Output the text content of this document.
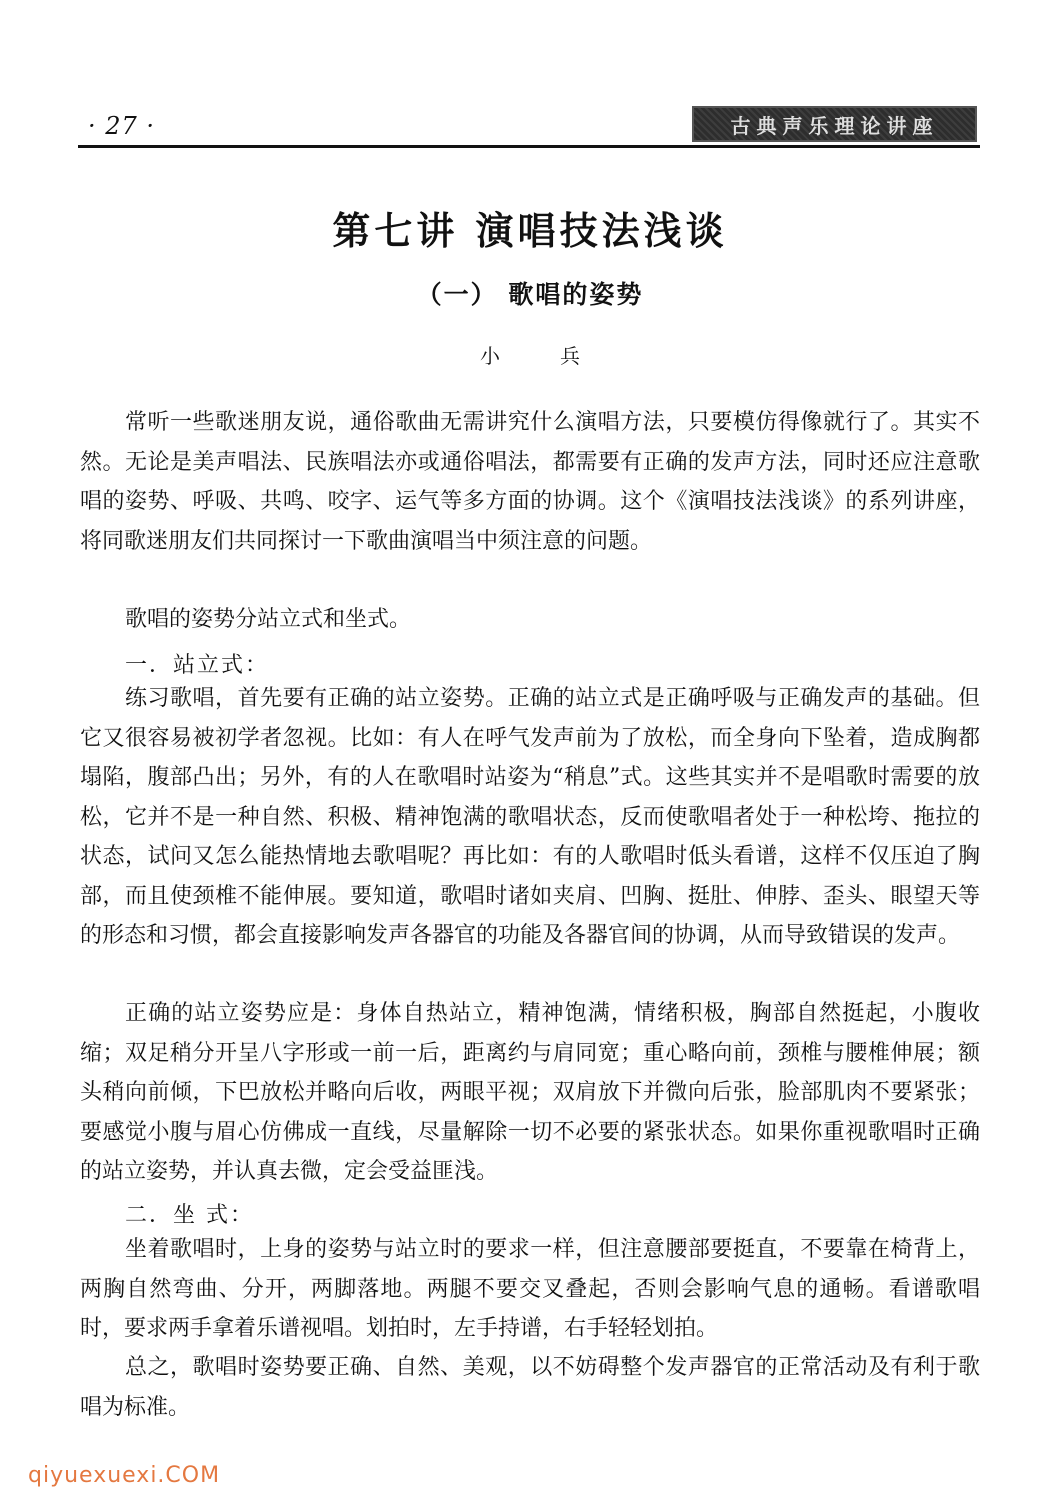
· 27 ·	古典声乐理论讲座
第七讲 演唱技法浅谈
（一） 歌唱的姿势
小兵

常听一些歌迷朋友说，通俗歌曲无需讲究什么演唱方法，只要模仿得像就行了。其实不然。无论是美声唱法、民族唱法亦或通俗唱法，都需要有正确的发声方法，同时还应注意歌唱的姿势、呼吸、共鸣、咬字、运气等多方面的协调。这个《演唱技法浅谈》的系列讲座，将同歌迷朋友们共同探讨一下歌曲演唱当中须注意的问题。

歌唱的姿势分站立式和坐式。

一．站立式：

练习歌唱，首先要有正确的站立姿势。正确的站立式是正确呼吸与正确发声的基础。但它又很容易被初学者忽视。比如：有人在呼气发声前为了放松，而全身向下坠着，造成胸都塌陷，腹部凸出；另外，有的人在歌唱时站姿为“稍息”式。这些其实并不是唱歌时需要的放松，它并不是一种自然、积极、精神饱满的歌唱状态，反而使歌唱者处于一种松垮、拖拉的状态，试问又怎么能热情地去歌唱呢？再比如：有的人歌唱时低头看谱，这样不仅压迫了胸部，而且使颈椎不能伸展。要知道，歌唱时诸如夹肩、凹胸、挺肚、伸脖、歪头、眼望天等的形态和习惯，都会直接影响发声各器官的功能及各器官间的协调，从而导致错误的发声。

正确的站立姿势应是：身体自热站立，精神饱满，情绪积极，胸部自然挺起，小腹收缩；双足稍分开呈八字形或一前一后，距离约与肩同宽；重心略向前，颈椎与腰椎伸展；额头稍向前倾，下巴放松并略向后收，两眼平视；双肩放下并微向后张，脸部肌肉不要紧张；要感觉小腹与眉心仿佛成一直线，尽量解除一切不必要的紧张状态。如果你重视歌唱时正确的站立姿势，并认真去微，定会受益匪浅。

二．坐 式：

坐着歌唱时，上身的姿势与站立时的要求一样，但注意腰部要挺直，不要靠在椅背上，两胸自然弯曲、分开，两脚落地。两腿不要交叉叠起，否则会影响气息的通畅。看谱歌唱时，要求两手拿着乐谱视唱。划拍时，左手持谱，右手轻轻划拍。

总之，歌唱时姿势要正确、自然、美观，以不妨碍整个发声器官的正常活动及有利于歌唱为标准。

qiyuexuexi.COM
